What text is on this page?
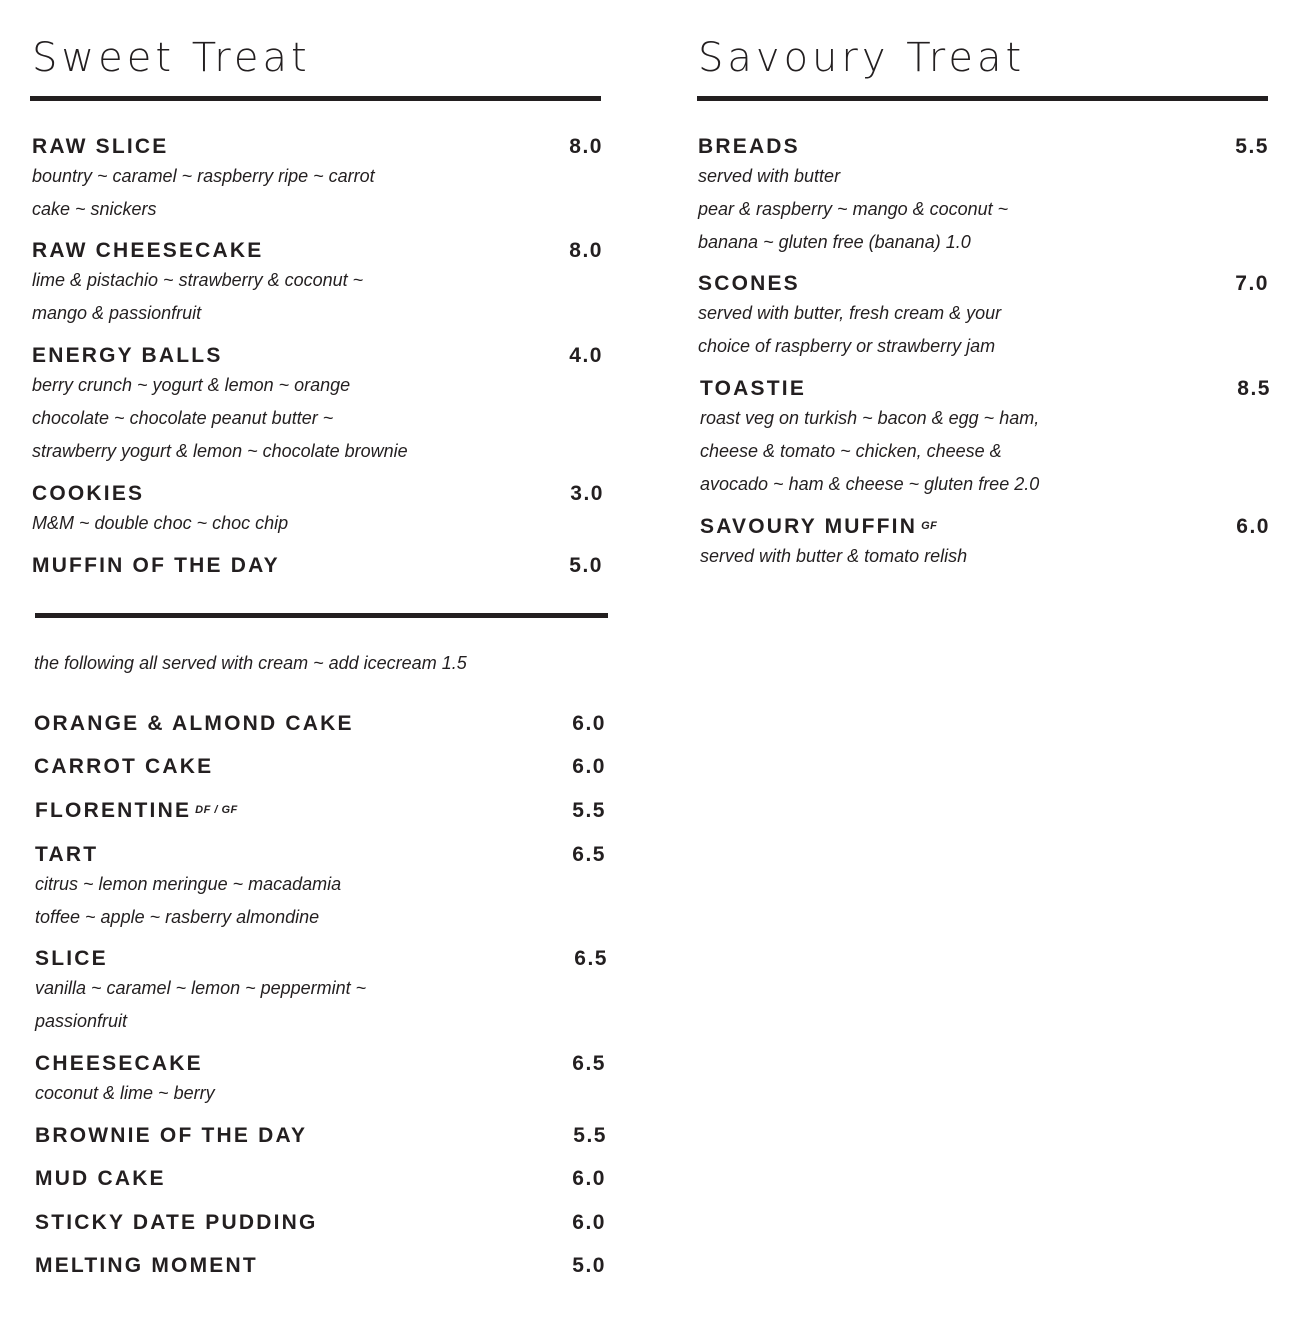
Sweet Treat
RAW SLICE	8.0
bountry ~ caramel ~ raspberry ripe ~ carrot
cake ~ snickers
RAW CHEESECAKE	8.0
lime & pistachio ~ strawberry & coconut ~
mango & passionfruit
ENERGY BALLS	4.0
berry crunch ~ yogurt & lemon ~ orange
chocolate ~ chocolate peanut butter ~
strawberry yogurt & lemon ~ chocolate brownie
COOKIES	3.0
M&M ~ double choc ~ choc chip
MUFFIN OF THE DAY	5.0
the following all served with cream ~ add icecream 1.5
ORANGE & ALMOND CAKE	6.0
CARROT CAKE	6.0
FLORENTINE $^{DF / GF}$	5.5
TART	6.5
citrus ~ lemon meringue ~ macadamia
toffee ~ apple ~ rasberry almondine
SLICE	6.5
vanilla ~ caramel ~ lemon ~ peppermint ~
passionfruit
CHEESECAKE	6.5
coconut & lime ~ berry
BROWNIE OF THE DAY	5.5
MUD CAKE	6.0
STICKY DATE PUDDING	6.0
MELTING MOMENT	5.0
Savoury Treat
BREADS	5.5
served with butter
pear & raspberry ~ mango & coconut ~
banana ~ gluten free (banana) 1.0
SCONES	7.0
served with butter, fresh cream & your
choice of raspberry or strawberry jam
TOASTIE	8.5
roast veg on turkish ~ bacon & egg ~ ham,
cheese & tomato ~ chicken, cheese &
avocado ~ ham & cheese ~ gluten free 2.0
SAVOURY MUFFIN $^{GF}$	6.0
served with butter & tomato relish
